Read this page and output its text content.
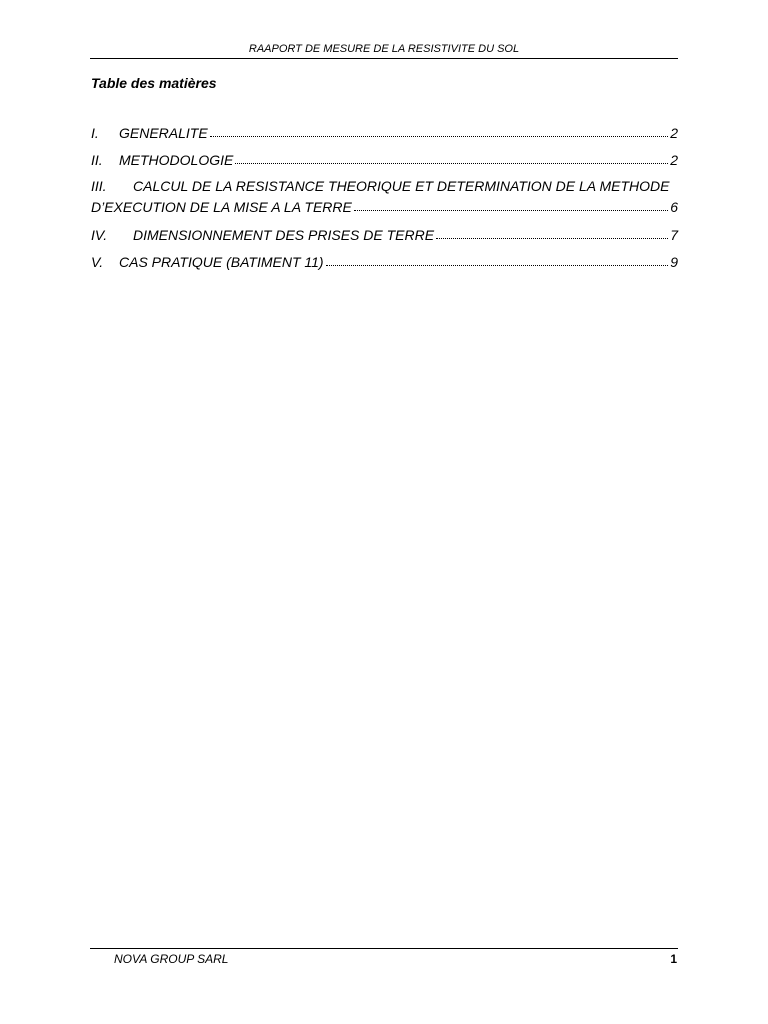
RAAPORT DE MESURE DE LA RESISTIVITE DU SOL
Table des matières
I.	GENERALITE	2
II.	METHODOLOGIE	2
III.	CALCUL DE LA RESISTANCE THEORIQUE ET DETERMINATION DE LA METHODE
D’EXECUTION DE LA MISE A LA TERRE	6
IV.	DIMENSIONNEMENT DES PRISES DE TERRE	7
V.	CAS PRATIQUE (BATIMENT 11)	9
NOVA GROUP SARL	1
